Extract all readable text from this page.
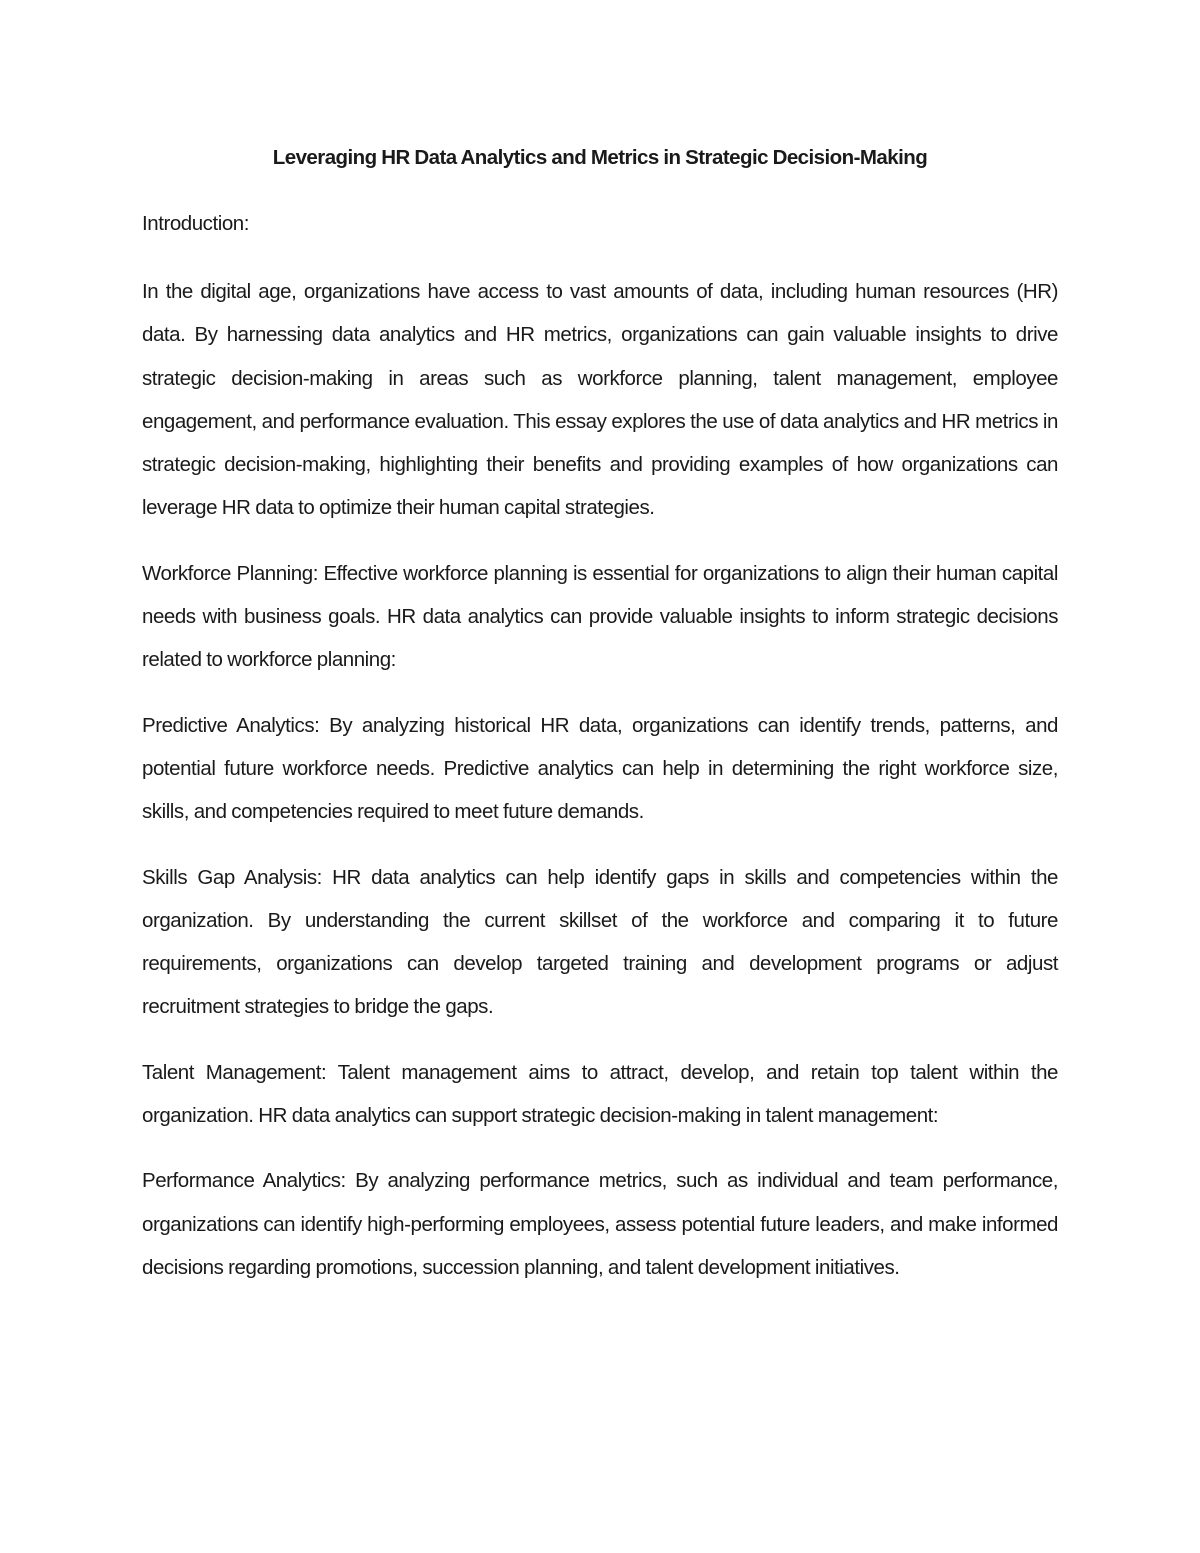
Leveraging HR Data Analytics and Metrics in Strategic Decision-Making
Introduction:

In the digital age, organizations have access to vast amounts of data, including human resources (HR) data. By harnessing data analytics and HR metrics, organizations can gain valuable insights to drive strategic decision-making in areas such as workforce planning, talent management, employee engagement, and performance evaluation. This essay explores the use of data analytics and HR metrics in strategic decision-making, highlighting their benefits and providing examples of how organizations can leverage HR data to optimize their human capital strategies.

Workforce Planning: Effective workforce planning is essential for organizations to align their human capital needs with business goals. HR data analytics can provide valuable insights to inform strategic decisions related to workforce planning:

Predictive Analytics: By analyzing historical HR data, organizations can identify trends, patterns, and potential future workforce needs. Predictive analytics can help in determining the right workforce size, skills, and competencies required to meet future demands.

Skills Gap Analysis: HR data analytics can help identify gaps in skills and competencies within the organization. By understanding the current skillset of the workforce and comparing it to future requirements, organizations can develop targeted training and development programs or adjust recruitment strategies to bridge the gaps.

Talent Management: Talent management aims to attract, develop, and retain top talent within the organization. HR data analytics can support strategic decision-making in talent management:

Performance Analytics: By analyzing performance metrics, such as individual and team performance, organizations can identify high-performing employees, assess potential future leaders, and make informed decisions regarding promotions, succession planning, and talent development initiatives.
